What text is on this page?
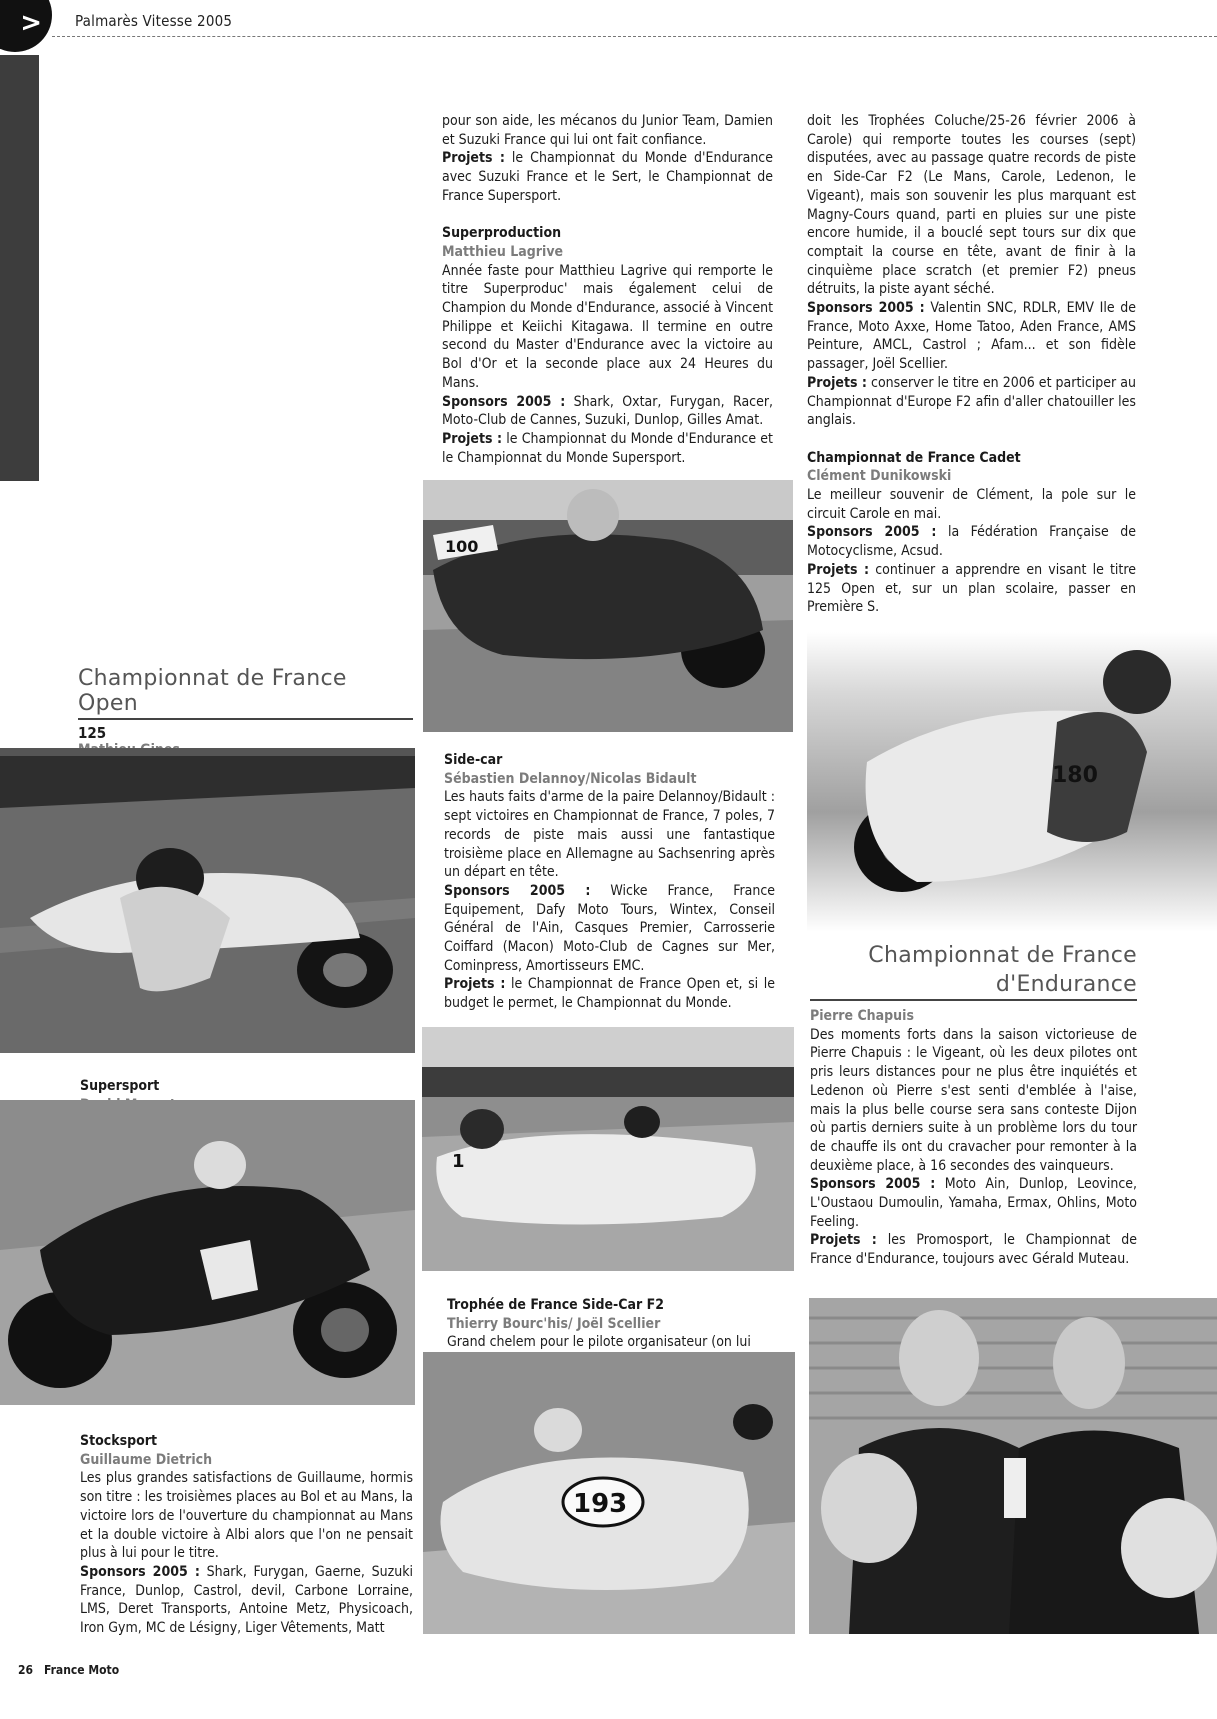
> Palmarès Vitesse 2005
Championnat de France Open
125

Supersport

Stocksport

Guillaume Dietrich

Les plus grandes satisfactions de Guillaume, hormis son titre : les troisièmes places au Bol et au Mans, la victoire lors de l'ouverture du championnat au Mans et la double victoire à Albi alors que l'on ne pensait plus à lui pour le titre.

Sponsors 2005 : Shark, Furygan, Gaerne, Suzuki France, Dunlop, Castrol, devil, Carbone Lorraine, LMS, Deret Transports, Antoine Metz, Physicoach, Iron Gym, MC de Lésigny, Liger Vêtements, Matt

pour son aide, les mécanos du Junior Team, Damien et Suzuki France qui lui ont fait confiance.

Projets : le Championnat du Monde d'Endurance avec Suzuki France et le Sert, le Championnat de France Supersport.

Superproduction

Matthieu Lagrive

Année faste pour Matthieu Lagrive qui remporte le titre Superproduc' mais également celui de Champion du Monde d'Endurance, associé à Vincent Philippe et Keiichi Kitagawa. Il termine en outre second du Master d'Endurance avec la victoire au Bol d'Or et la seconde place aux 24 Heures du Mans.

Sponsors 2005 : Shark, Oxtar, Furygan, Racer, Moto-Club de Cannes, Suzuki, Dunlop, Gilles Amat.

Projets : le Championnat du Monde d'Endurance et le Championnat du Monde Supersport.

100

Side-car

Sébastien Delannoy/Nicolas Bidault

Les hauts faits d'arme de la paire Delannoy/Bidault : sept victoires en Championnat de France, 7 poles, 7 records de piste mais aussi une fantastique troisième place en Allemagne au Sachsenring après un départ en tête.

Sponsors 2005 : Wicke France, France Equipement, Dafy Moto Tours, Wintex, Conseil Général de l'Ain, Casques Premier, Carrosserie Coiffard (Macon) Moto-Club de Cagnes sur Mer, Cominpress, Amortisseurs EMC.

Projets : le Championnat de France Open et, si le budget le permet, le Championnat du Monde.

1

Trophée de France Side-Car F2

Thierry Bourc'his/ Joël Scellier

Grand chelem pour le pilote organisateur (on lui

193

doit les Trophées Coluche/25-26 février 2006 à Carole) qui remporte toutes les courses (sept) disputées, avec au passage quatre records de piste en Side-Car F2 (Le Mans, Carole, Ledenon, le Vigeant), mais son souvenir les plus marquant est Magny-Cours quand, parti en pluies sur une piste encore humide, il a bouclé sept tours sur dix que comptait la course en tête, avant de finir à la cinquième place scratch (et premier F2) pneus détruits, la piste ayant séché.

Sponsors 2005 : Valentin SNC, RDLR, EMV Ile de France, Moto Axxe, Home Tatoo, Aden France, AMS Peinture, AMCL, Castrol ; Afam... et son fidèle passager, Joël Scellier.

Projets : conserver le titre en 2006 et participer au Championnat d'Europe F2 afin d'aller chatouiller les anglais.

Championnat de France Cadet

Clément Dunikowski

Le meilleur souvenir de Clément, la pole sur le circuit Carole en mai.

Sponsors 2005 : la Fédération Française de Motocyclisme, Acsud.

Projets : continuer a apprendre en visant le titre 125 Open et, sur un plan scolaire, passer en Première S.

180
Championnat de France
d'Endurance

Pierre Chapuis

Des moments forts dans la saison victorieuse de Pierre Chapuis : le Vigeant, où les deux pilotes ont pris leurs distances pour ne plus être inquiétés et Ledenon où Pierre s'est senti d'emblée à l'aise, mais la plus belle course sera sans conteste Dijon où partis derniers suite à un problème lors du tour de chauffe ils ont du cravacher pour remonter à la deuxième place, à 16 secondes des vainqueurs.

Sponsors 2005 : Moto Ain, Dunlop, Leovince, L'Oustaou Dumoulin, Yamaha, Ermax, Ohlins, Moto Feeling.

Projets : les Promosport, le Championnat de France d'Endurance, toujours avec Gérald Muteau.

26 France Moto
